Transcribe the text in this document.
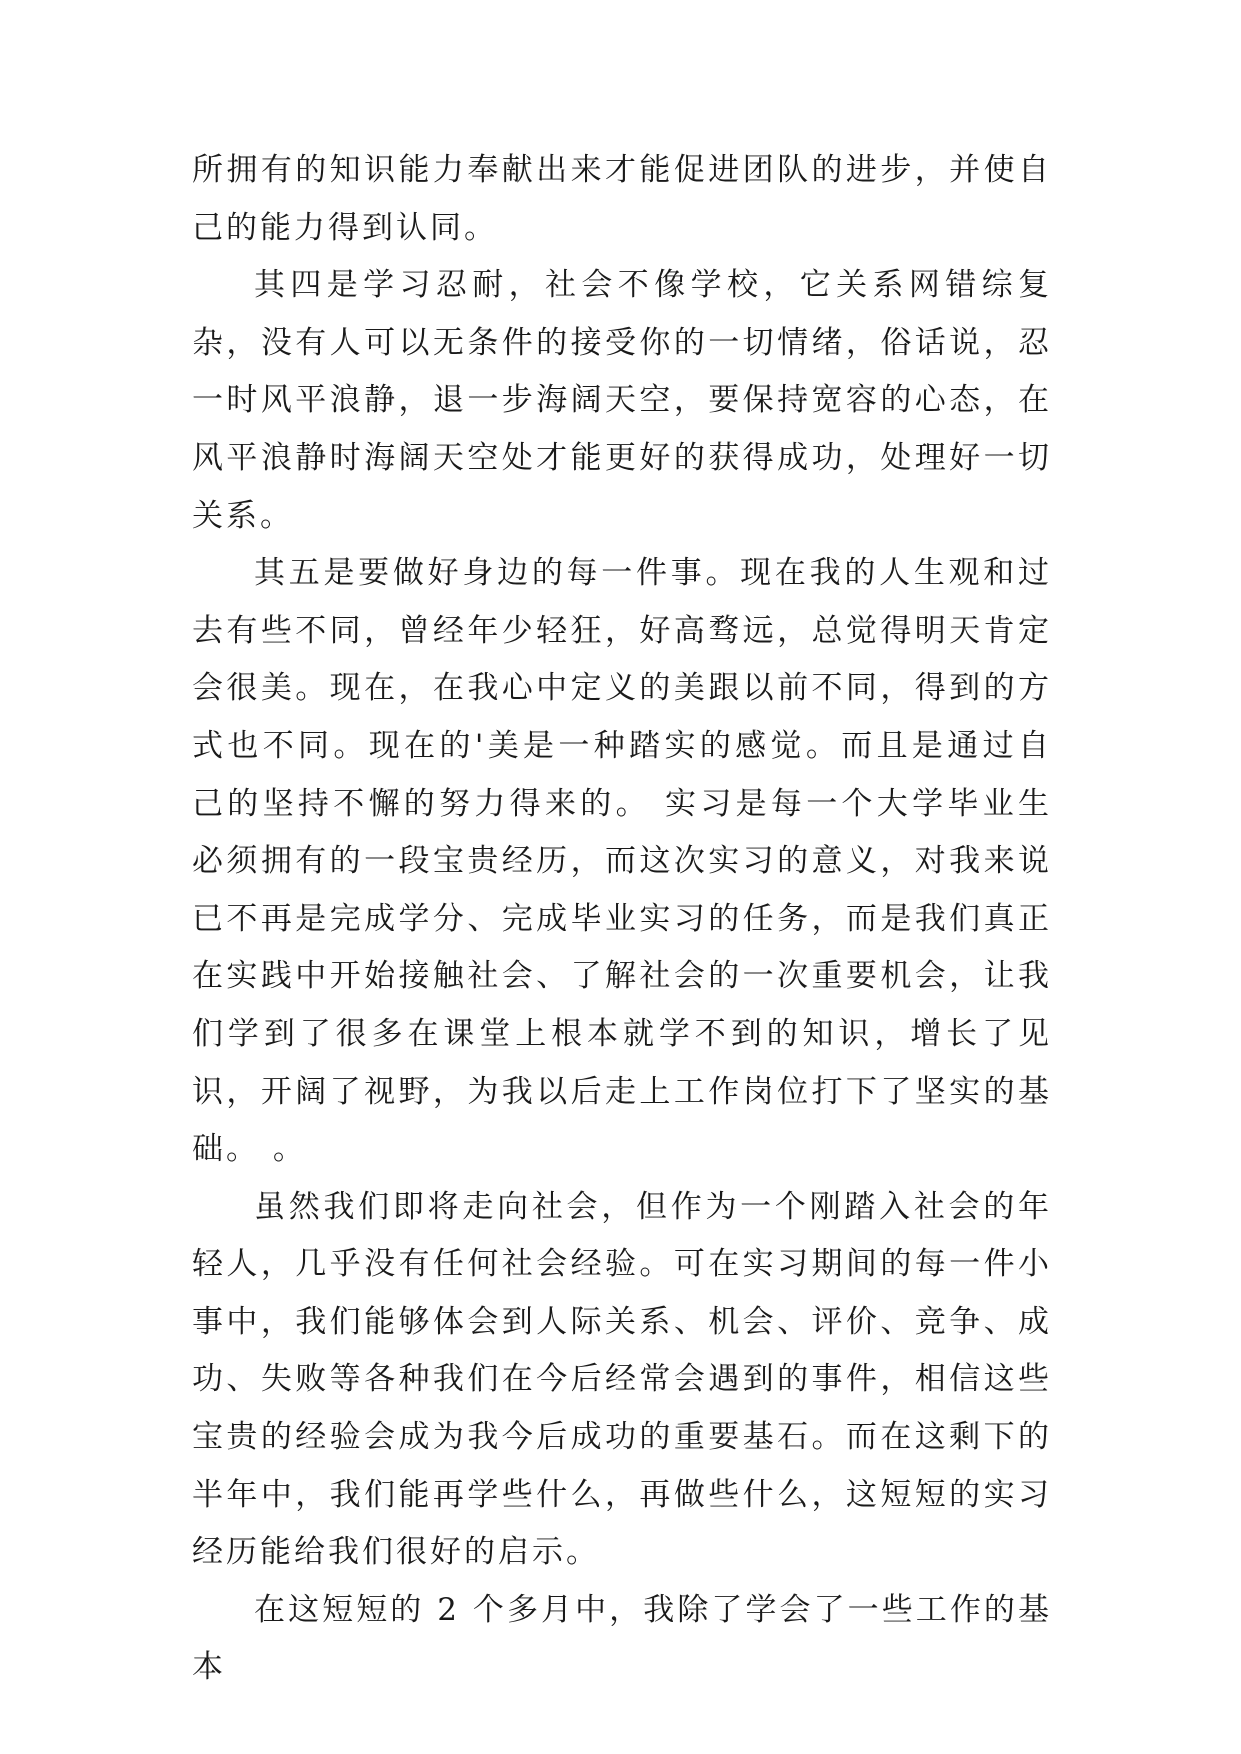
所拥有的知识能力奉献出来才能促进团队的进步，并使自己的能力得到认同。

其四是学习忍耐，社会不像学校，它关系网错综复杂，没有人可以无条件的接受你的一切情绪，俗话说，忍一时风平浪静，退一步海阔天空，要保持宽容的心态，在风平浪静时海阔天空处才能更好的获得成功，处理好一切关系。

其五是要做好身边的每一件事。现在我的人生观和过去有些不同，曾经年少轻狂，好高骛远，总觉得明天肯定会很美。现在，在我心中定义的美跟以前不同，得到的方式也不同。现在的'美是一种踏实的感觉。而且是通过自己的坚持不懈的努力得来的。 实习是每一个大学毕业生必须拥有的一段宝贵经历，而这次实习的意义，对我来说已不再是完成学分、完成毕业实习的任务，而是我们真正在实践中开始接触社会、了解社会的一次重要机会，让我们学到了很多在课堂上根本就学不到的知识，增长了见识，开阔了视野，为我以后走上工作岗位打下了坚实的基础。 。

虽然我们即将走向社会，但作为一个刚踏入社会的年轻人，几乎没有任何社会经验。可在实习期间的每一件小事中，我们能够体会到人际关系、机会、评价、竞争、成功、失败等各种我们在今后经常会遇到的事件，相信这些宝贵的经验会成为我今后成功的重要基石。而在这剩下的半年中，我们能再学些什么，再做些什么，这短短的实习经历能给我们很好的启示。

在这短短的 2 个多月中，我除了学会了一些工作的基本
